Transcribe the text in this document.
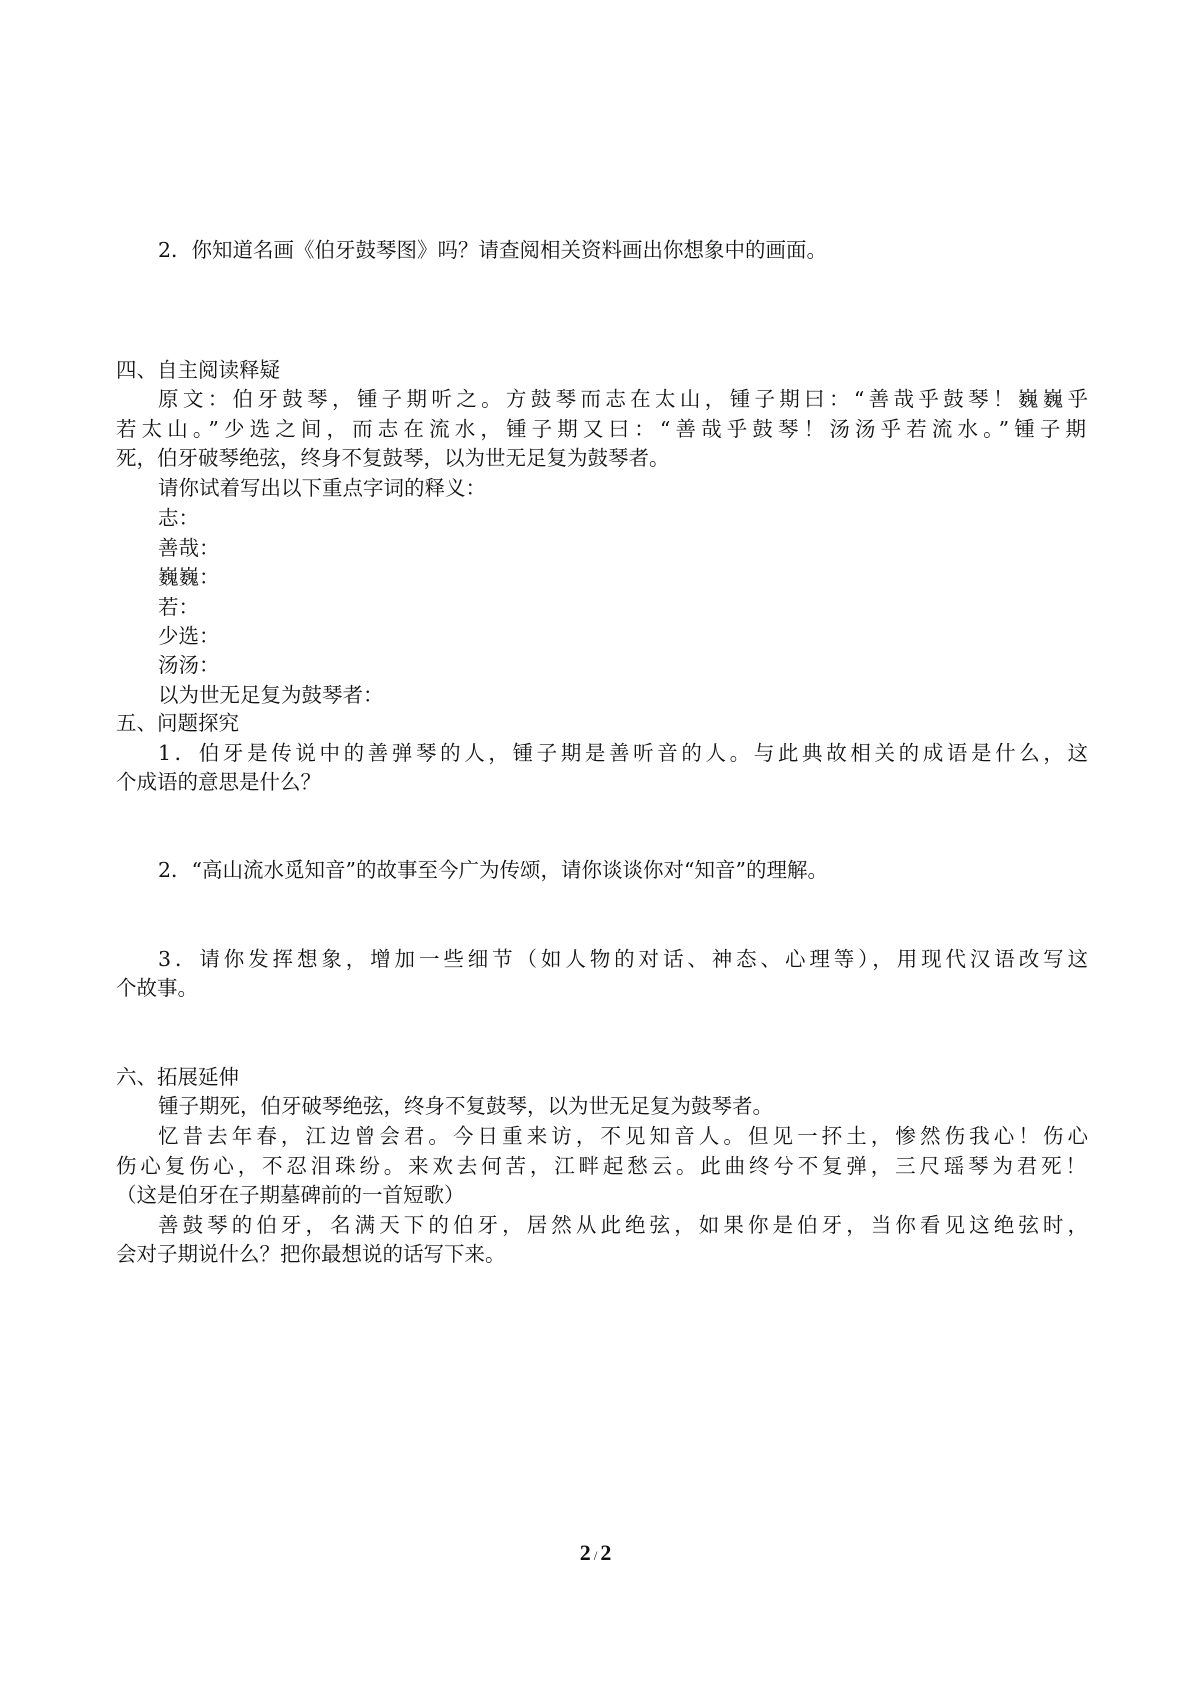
2．你知道名画《伯牙鼓琴图》吗？请查阅相关资料画出你想象中的画面。
四、自主阅读释疑
原文：伯牙鼓琴，锺子期听之。方鼓琴而志在太山，锺子期曰：“善哉乎鼓琴！巍巍乎
若太山。”少选之间，而志在流水，锺子期又曰：“善哉乎鼓琴！汤汤乎若流水。”锺子期
死，伯牙破琴绝弦，终身不复鼓琴，以为世无足复为鼓琴者。
请你试着写出以下重点字词的释义：
志：
善哉：
巍巍：
若：
少选：
汤汤：
以为世无足复为鼓琴者：
五、问题探究
1．伯牙是传说中的善弹琴的人，锺子期是善听音的人。与此典故相关的成语是什么，这
个成语的意思是什么？
2．“高山流水觅知音”的故事至今广为传颂，请你谈谈你对“知音”的理解。
3．请你发挥想象，增加一些细节（如人物的对话、神态、心理等），用现代汉语改写这
个故事。
六、拓展延伸
锺子期死，伯牙破琴绝弦，终身不复鼓琴，以为世无足复为鼓琴者。
忆昔去年春，江边曾会君。今日重来访，不见知音人。但见一抔土，惨然伤我心！伤心
伤心复伤心，不忍泪珠纷。来欢去何苦，江畔起愁云。此曲终兮不复弹，三尺瑶琴为君死！
（这是伯牙在子期墓碑前的一首短歌）
善鼓琴的伯牙，名满天下的伯牙，居然从此绝弦，如果你是伯牙，当你看见这绝弦时，
会对子期说什么？把你最想说的话写下来。
2 / 2
